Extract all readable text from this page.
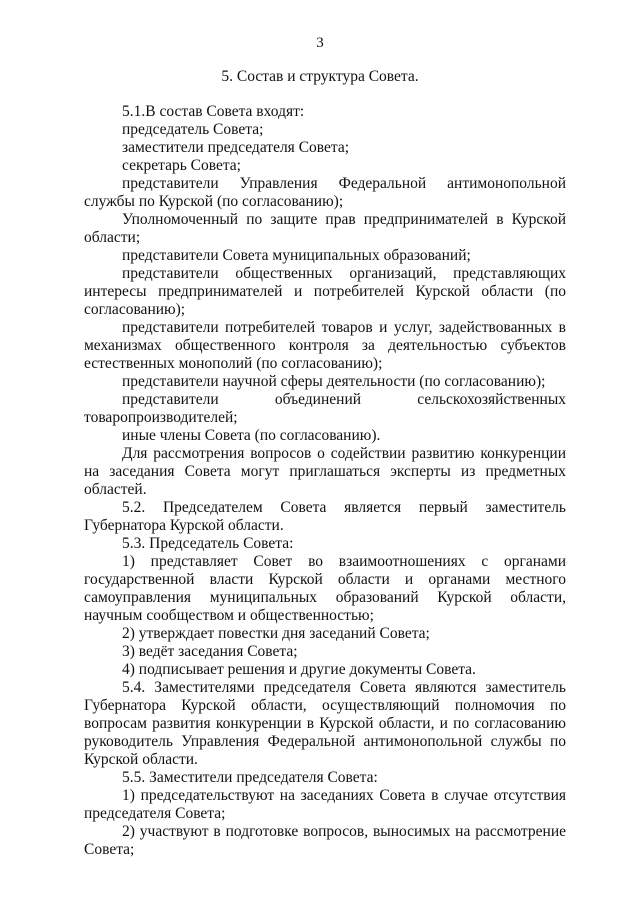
3
5. Состав и структура Совета.

5.1.В состав Совета входят:

председатель Совета;

заместители председателя Совета;

секретарь Совета;

представители Управления Федеральной антимонопольной службы по Курской (по согласованию);

Уполномоченный по защите прав предпринимателей в Курской области;

представители Совета муниципальных образований;

представители общественных организаций, представляющих интересы предпринимателей и потребителей Курской области (по согласованию);

представители потребителей товаров и услуг, задействованных в механизмах общественного контроля за деятельностью субъектов естественных монополий (по согласованию);

представители научной сферы деятельности (по согласованию);

представители объединений сельскохозяйственных товаропроизводителей;

иные члены Совета (по согласованию).

Для рассмотрения вопросов о содействии развитию конкуренции на заседания Совета могут приглашаться эксперты из предметных областей.

5.2. Председателем Совета является первый заместитель Губернатора Курской области.

5.3. Председатель Совета:

1) представляет Совет во взаимоотношениях с органами государственной власти Курской области и органами местного самоуправления муниципальных образований Курской области, научным сообществом и общественностью;

2) утверждает повестки дня заседаний Совета;

3) ведёт заседания Совета;

4) подписывает решения и другие документы Совета.

5.4. Заместителями председателя Совета являются заместитель Губернатора Курской области, осуществляющий полномочия по вопросам развития конкуренции в Курской области, и по согласованию руководитель Управления Федеральной антимонопольной службы по Курской области.

5.5. Заместители председателя Совета:

1) председательствуют на заседаниях Совета в случае отсутствия председателя Совета;

2) участвуют в подготовке вопросов, выносимых на рассмотрение Совета;
